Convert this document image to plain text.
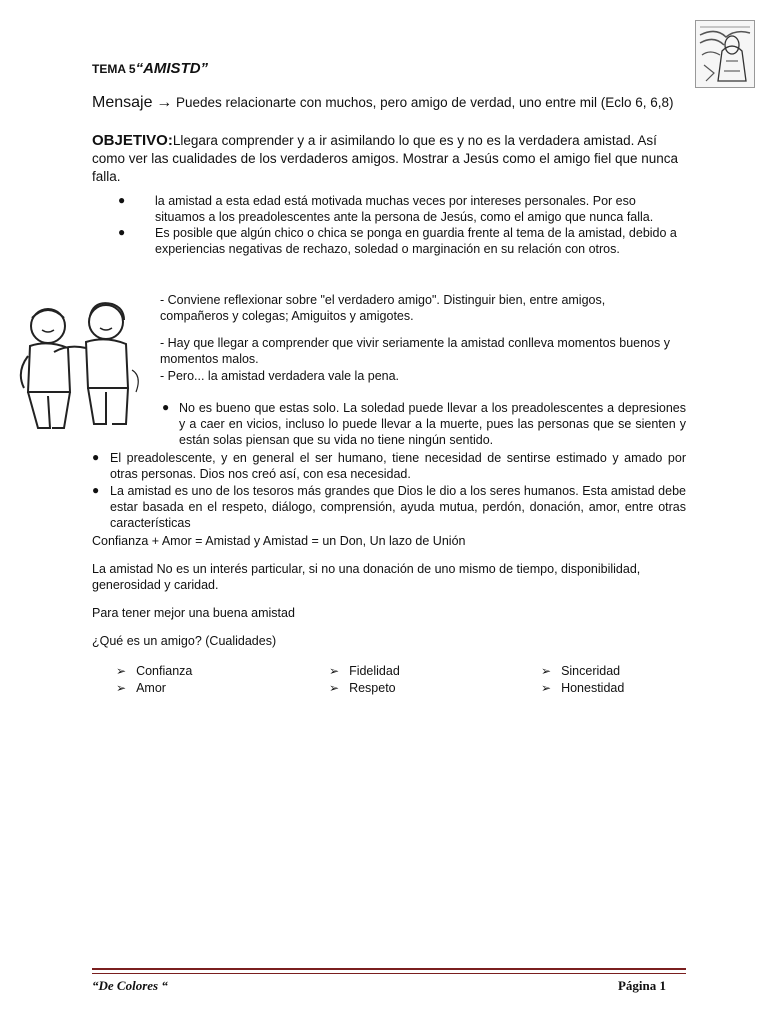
TEMA 5“AMISTD”
Mensaje → Puedes relacionarte con muchos, pero amigo de verdad, uno entre mil (Eclo 6, 6,8)
OBJETIVO:Llegara comprender y a ir asimilando lo que es y no es la verdadera amistad. Así como ver las cualidades de los verdaderos amigos. Mostrar a Jesús como el amigo fiel que nunca falla.
● la amistad a esta edad está motivada muchas veces por intereses personales. Por eso situamos a los preadolescentes ante la persona de Jesús, como el amigo que nunca falla.
● Es posible que algún chico o chica se ponga en guardia frente al tema de la amistad, debido a experiencias negativas de rechazo, soledad o marginación en su relación con otros.
- Conviene reflexionar sobre "el verdadero amigo". Distinguir bien, entre amigos, compañeros y colegas; Amiguitos y amigotes.
- Hay que llegar a comprender que vivir seriamente la amistad conlleva momentos buenos y momentos malos.
- Pero... la amistad verdadera vale la pena.
● No es bueno que estas solo. La soledad puede llevar a los preadolescentes a depresiones y a caer en vicios, incluso lo puede llevar a la muerte, pues las personas que se sienten y están solas piensan que su vida no tiene ningún sentido.
● El preadolescente, y en general el ser humano, tiene necesidad de sentirse estimado y amado por otras personas. Dios nos creó así, con esa necesidad.
● La amistad es uno de los tesoros más grandes que Dios le dio a los seres humanos. Esta amistad debe estar basada en el respeto, diálogo, comprensión, ayuda mutua, perdón, donación, amor, entre otras características
Confianza + Amor = Amistad y Amistad = un Don, Un lazo de Unión
La amistad No es un interés particular, si no una donación de uno mismo de tiempo, disponibilidad, generosidad y caridad.
Para tener mejor una buena amistad
¿Qué es un amigo? (Cualidades)
➢ Confianza
➢ Amor
➢ Fidelidad
➢ Respeto
➢ Sinceridad
➢ Honestidad
“De Colores “	Página 1
